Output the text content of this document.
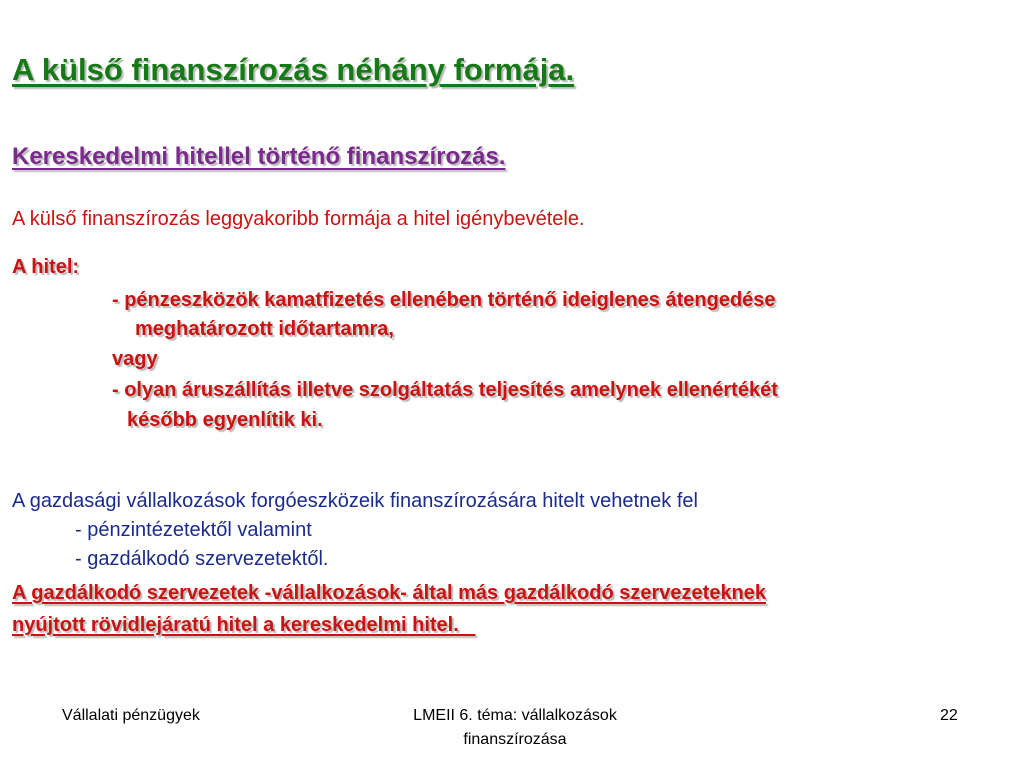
A külső finanszírozás néhány formája.
Kereskedelmi hitellel történő finanszírozás.
A külső finanszírozás leggyakoribb formája a hitel igénybevétele.
A hitel:
- pénzeszközök kamatfizetés ellenében történő ideiglenes átengedése
meghatározott időtartamra,
vagy
- olyan áruszállítás illetve szolgáltatás teljesítés amelynek ellenértékét
később egyenlítik ki.
A gazdasági vállalkozások forgóeszközeik finanszírozására hitelt vehetnek fel
- pénzintézetektől valamint
- gazdálkodó szervezetektől.
A gazdálkodó szervezetek -vállalkozások- által más gazdálkodó szervezeteknek
nyújtott rövidlejáratú hitel a kereskedelmi hitel.
Vállalati pénzügyek	LMEII 6. téma: vállalkozások
finanszírozása
22
